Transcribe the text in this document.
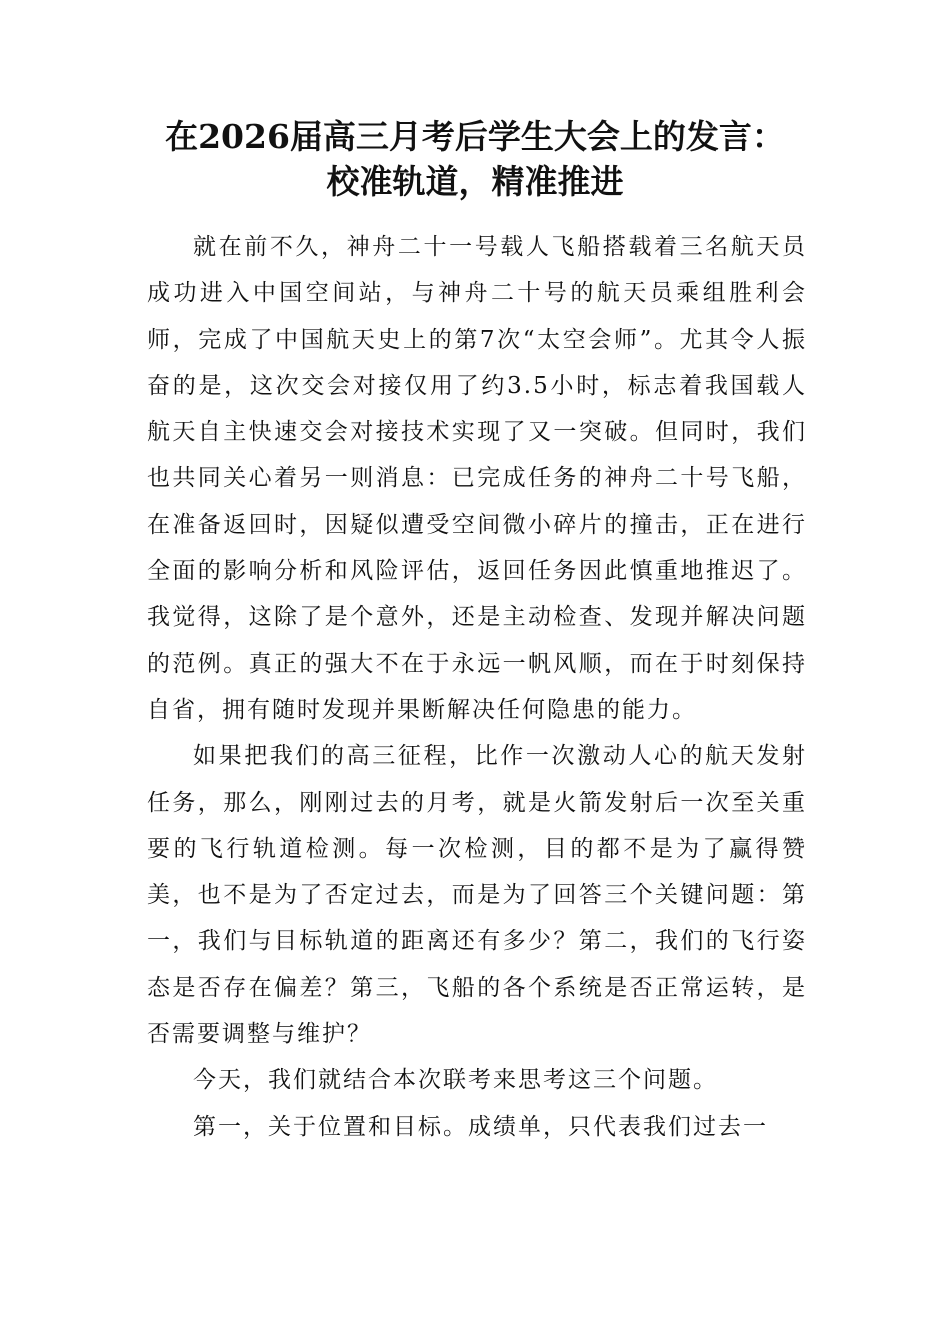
在2026届高三月考后学生大会上的发言：
校准轨道，精准推进

就在前不久，神舟二十一号载人飞船搭载着三名航天员成功进入中国空间站，与神舟二十号的航天员乘组胜利会师，完成了中国航天史上的第7次“太空会师”。尤其令人振奋的是，这次交会对接仅用了约3.5小时，标志着我国载人航天自主快速交会对接技术实现了又一突破。但同时，我们也共同关心着另一则消息：已完成任务的神舟二十号飞船，在准备返回时，因疑似遭受空间微小碎片的撞击，正在进行全面的影响分析和风险评估，返回任务因此慎重地推迟了。我觉得，这除了是个意外，还是主动检查、发现并解决问题的范例。真正的强大不在于永远一帆风顺，而在于时刻保持自省，拥有随时发现并果断解决任何隐患的能力。

如果把我们的高三征程，比作一次激动人心的航天发射任务，那么，刚刚过去的月考，就是火箭发射后一次至关重要的飞行轨道检测。每一次检测，目的都不是为了赢得赞美，也不是为了否定过去，而是为了回答三个关键问题：第一，我们与目标轨道的距离还有多少？第二，我们的飞行姿态是否存在偏差？第三，飞船的各个系统是否正常运转，是否需要调整与维护？

今天，我们就结合本次联考来思考这三个问题。

第一，关于位置和目标。成绩单，只代表我们过去一
